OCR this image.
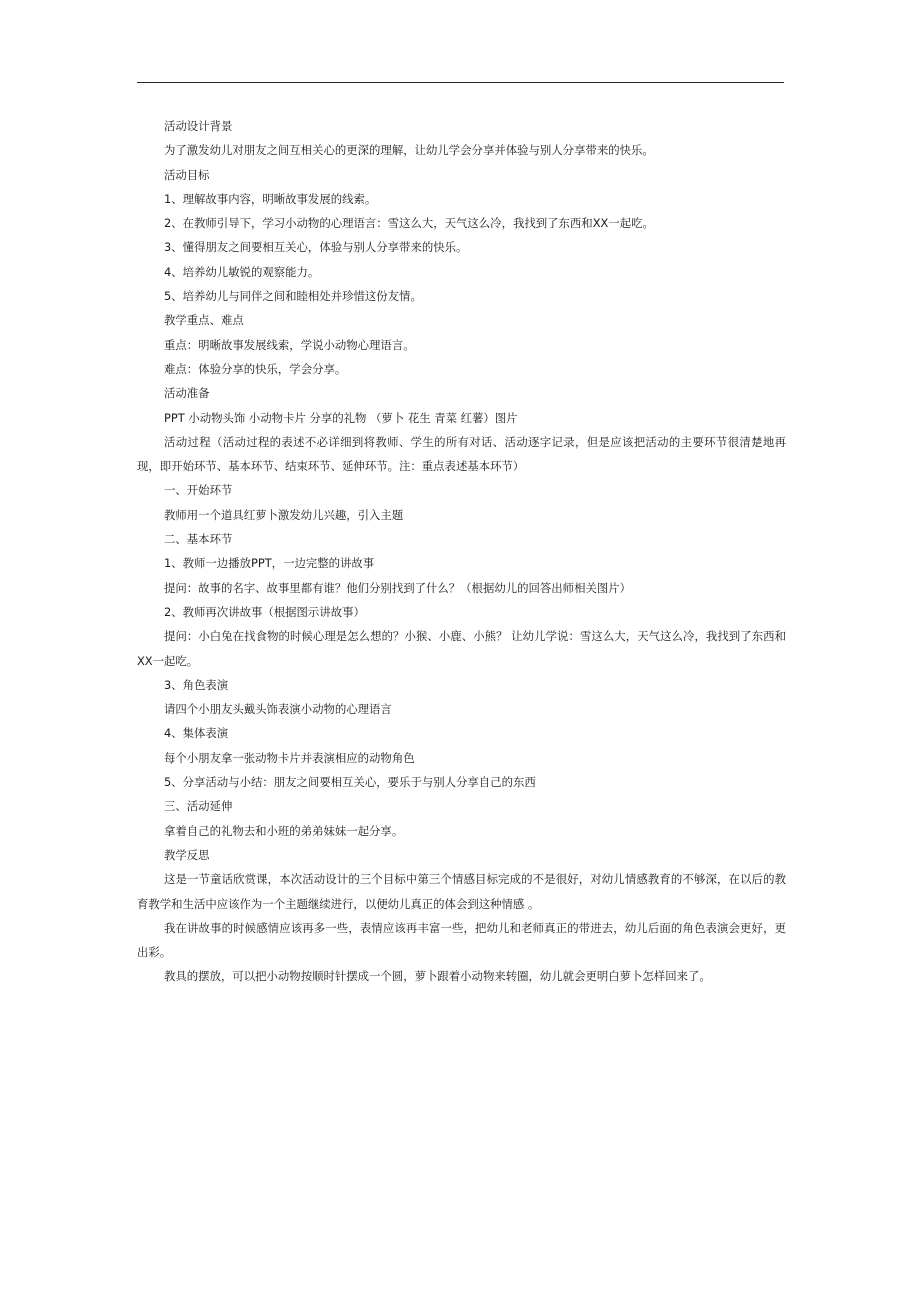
活动设计背景

为了激发幼儿对朋友之间互相关心的更深的理解，让幼儿学会分享并体验与别人分享带来的快乐。

活动目标

1、理解故事内容，明晰故事发展的线索。

2、在教师引导下，学习小动物的心理语言：雪这么大，天气这么冷，我找到了东西和XX一起吃。

3、懂得朋友之间要相互关心，体验与别人分享带来的快乐。

4、培养幼儿敏锐的观察能力。

5、培养幼儿与同伴之间和睦相处并珍惜这份友情。

教学重点、难点

重点：明晰故事发展线索，学说小动物心理语言。

难点：体验分享的快乐，学会分享。

活动准备

PPT 小动物头饰 小动物卡片 分享的礼物 （萝卜 花生 青菜 红薯）图片

活动过程（活动过程的表述不必详细到将教师、学生的所有对话、活动逐字记录，但是应该把活动的主要环节很清楚地再现，即开始环节、基本环节、结束环节、延伸环节。注：重点表述基本环节）

一、开始环节

教师用一个道具红萝卜激发幼儿兴趣，引入主题

二、基本环节

1、教师一边播放PPT，一边完整的讲故事

提问：故事的名字、故事里都有谁？他们分别找到了什么？（根据幼儿的回答出师相关图片）

2、教师再次讲故事（根据图示讲故事）

提问：小白兔在找食物的时候心理是怎么想的？小猴、小鹿、小熊？ 让幼儿学说：雪这么大，天气这么冷，我找到了东西和XX一起吃。

3、角色表演

请四个小朋友头戴头饰表演小动物的心理语言

4、集体表演

每个小朋友拿一张动物卡片并表演相应的动物角色

5、分享活动与小结：朋友之间要相互关心，要乐于与别人分享自己的东西

三、活动延伸

拿着自己的礼物去和小班的弟弟妹妹一起分享。

教学反思

这是一节童话欣赏课，本次活动设计的三个目标中第三个情感目标完成的不是很好，对幼儿情感教育的不够深，在以后的教育教学和生活中应该作为一个主题继续进行，以便幼儿真正的体会到这种情感 。

我在讲故事的时候感情应该再多一些，表情应该再丰富一些，把幼儿和老师真正的带进去，幼儿后面的角色表演会更好，更出彩。

教具的摆放，可以把小动物按顺时针摆成一个圆，萝卜跟着小动物来转圈，幼儿就会更明白萝卜怎样回来了。
